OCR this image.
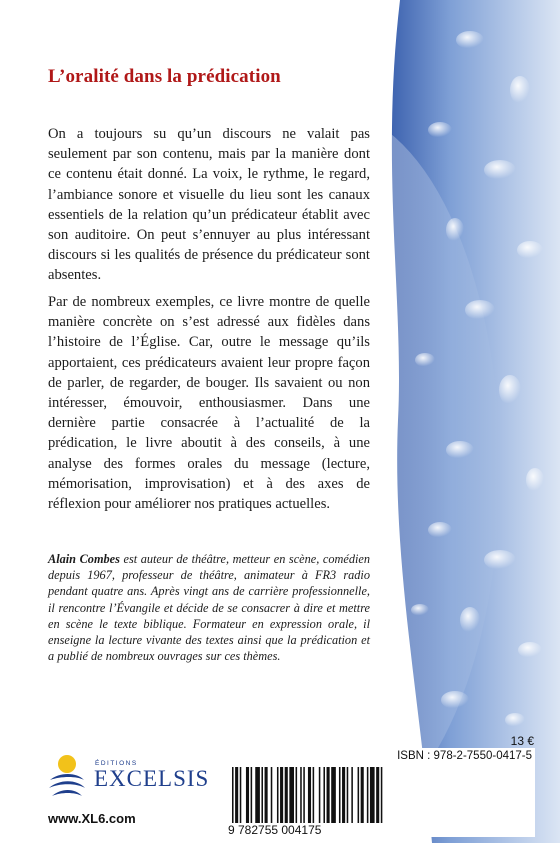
L’oralité dans la prédication
On a toujours su qu’un discours ne valait pas seulement par son contenu, mais par la manière dont ce contenu était donné. La voix, le rythme, le regard, l’ambiance sonore et visuelle du lieu sont les canaux essentiels de la relation qu’un prédicateur établit avec son auditoire. On peut s’ennuyer au plus intéressant discours si les qualités de présence du prédicateur sont absentes.
Par de nombreux exemples, ce livre montre de quelle manière concrète on s’est adressé aux fidèles dans l’histoire de l’Église. Car, outre le message qu’ils apportaient, ces prédicateurs avaient leur propre façon de parler, de regarder, de bouger. Ils savaient ou non intéresser, émouvoir, enthousiasmer. Dans une dernière partie consacrée à l’actualité de la prédication, le livre aboutit à des conseils, à une analyse des formes orales du message (lecture, mémorisation, improvisation) et à des axes de réflexion pour améliorer nos pratiques actuelles.
Alain Combes est auteur de théâtre, metteur en scène, comédien depuis 1967, professeur de théâtre, animateur à FR3 radio pendant quatre ans. Après vingt ans de carrière professionnelle, il rencontre l’Évangile et décide de se consacrer à dire et mettre en scène le texte biblique. Formateur en expression orale, il enseigne la lecture vivante des textes ainsi que la prédication et a publié de nombreux ouvrages sur ces thèmes.
13 €
ISBN : 978-2-7550-0417-5
9 782755 004175
ÉDITIONS
EXCELSIS
www.XL6.com
